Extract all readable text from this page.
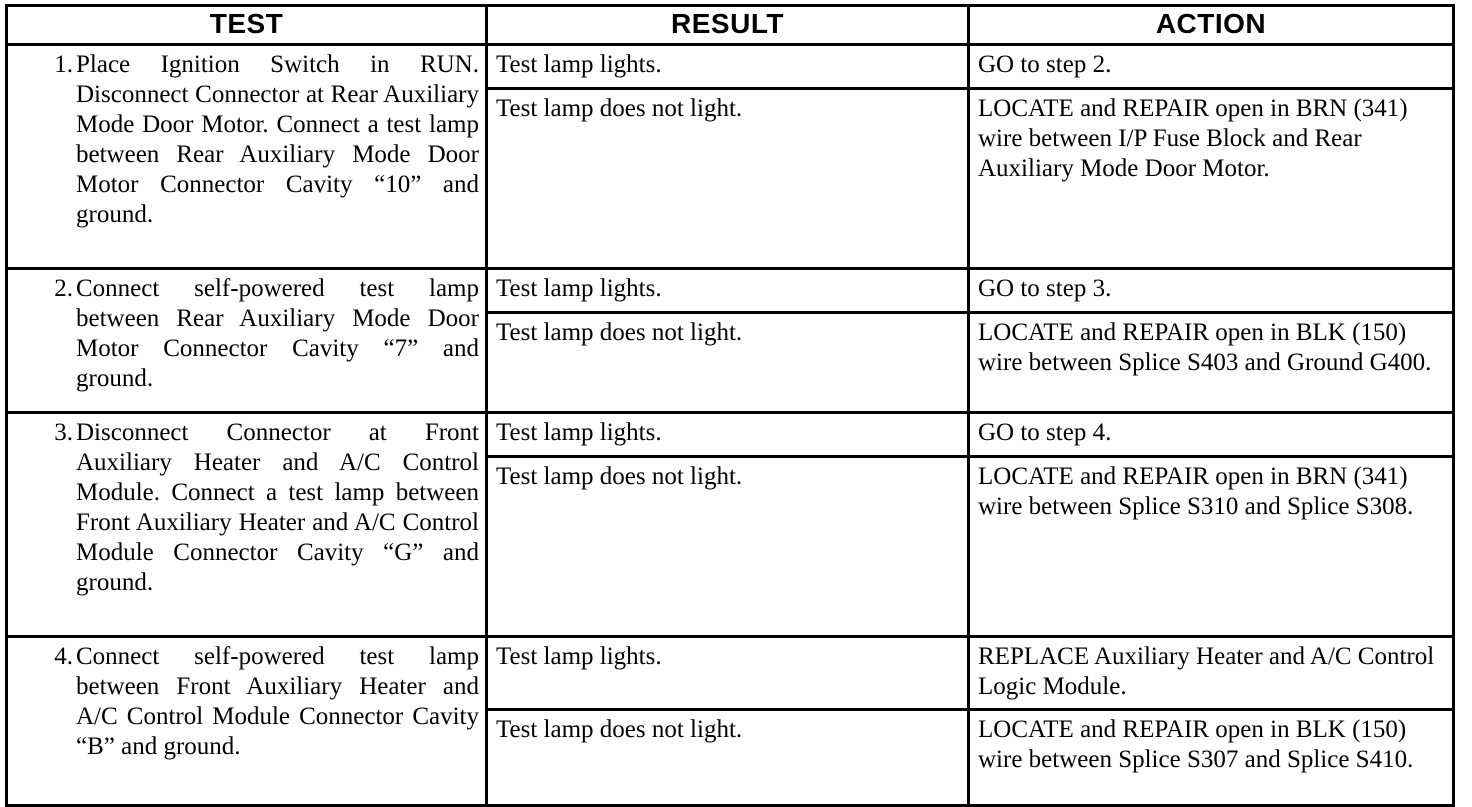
TEST	RESULT	ACTION

1. Place Ignition Switch in RUN. Disconnect Connector at Rear Auxiliary Mode Door Motor. Connect a test lamp between Rear Auxiliary Mode Door Motor Connector Cavity “10” and ground.	Test lamp lights.	GO to step 2.
	Test lamp does not light.	LOCATE and REPAIR open in BRN (341) wire between I/P Fuse Block and Rear Auxiliary Mode Door Motor.

2. Connect self-powered test lamp between Rear Auxiliary Mode Door Motor Connector Cavity “7” and ground.	Test lamp lights.	GO to step 3.
	Test lamp does not light.	LOCATE and REPAIR open in BLK (150) wire between Splice S403 and Ground G400.

3. Disconnect Connector at Front Auxiliary Heater and A/C Control Module. Connect a test lamp between Front Auxiliary Heater and A/C Control Module Connector Cavity “G” and ground.	Test lamp lights.	GO to step 4.
	Test lamp does not light.	LOCATE and REPAIR open in BRN (341) wire between Splice S310 and Splice S308.

4. Connect self-powered test lamp between Front Auxiliary Heater and A/C Control Module Connector Cavity “B” and ground.	Test lamp lights.	REPLACE Auxiliary Heater and A/C Control Logic Module.
	Test lamp does not light.	LOCATE and REPAIR open in BLK (150) wire between Splice S307 and Splice S410.
